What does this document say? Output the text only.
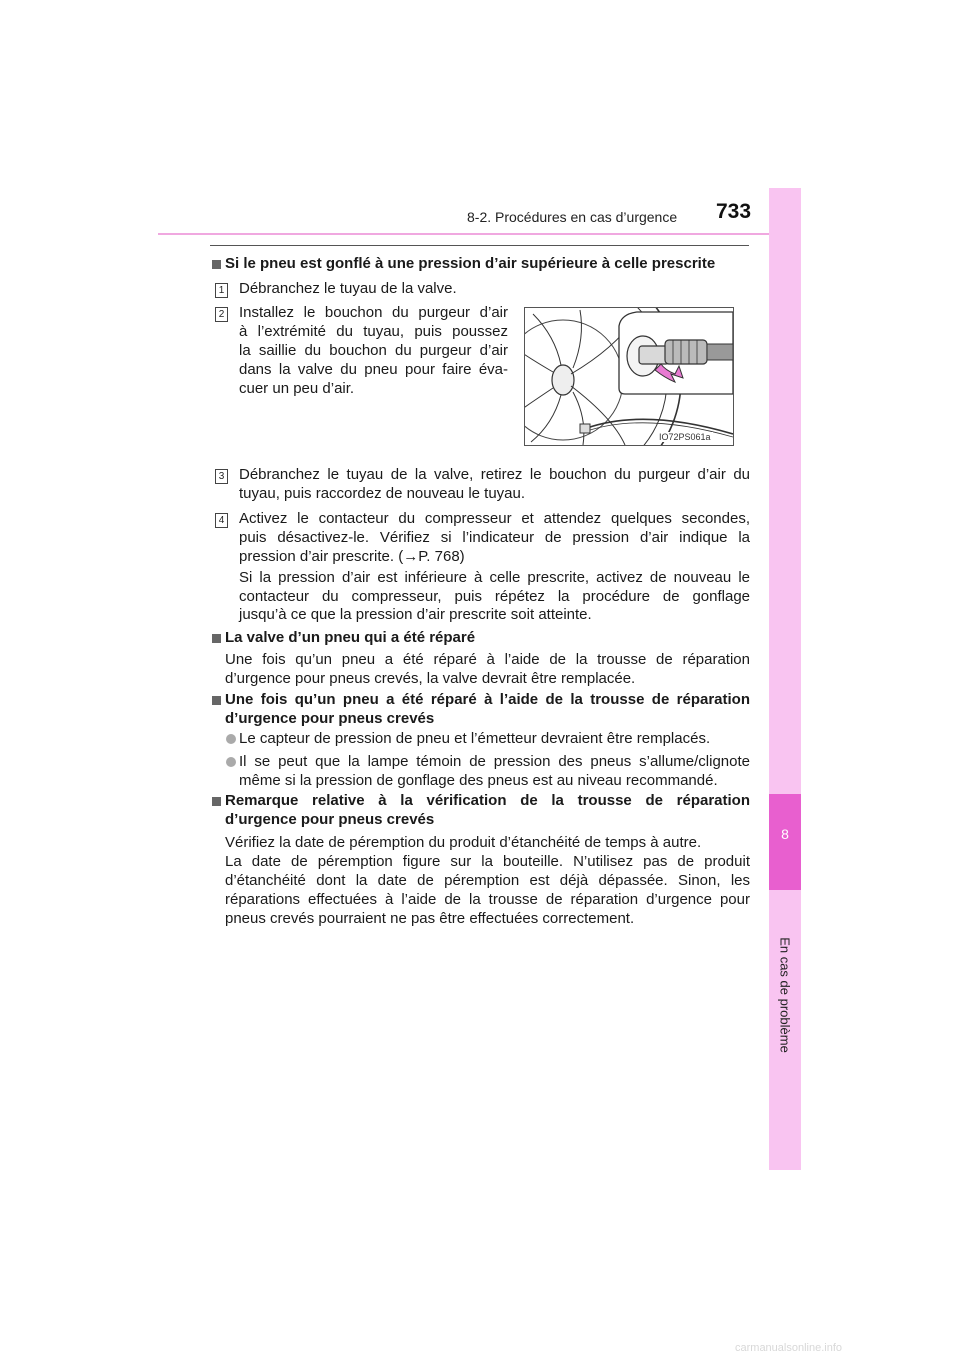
8-2. Procédures en cas d’urgence 733
8
En cas de problème
Si le pneu est gonflé à une pression d’air supérieure à celle prescrite
1 Débranchez le tuyau de la valve.
2 Installez le bouchon du purgeur d’air
à l’extrémité du tuyau, puis poussez
la saillie du bouchon du purgeur d’air
dans la valve du pneu pour faire éva-
cuer un peu d’air.
IO72PS061a
3 Débranchez le tuyau de la valve, retirez le bouchon du purgeur d’air du
tuyau, puis raccordez de nouveau le tuyau.
4 Activez le contacteur du compresseur et attendez quelques secondes,
puis désactivez-le. Vérifiez si l’indicateur de pression d’air indique la
pression d’air prescrite. (→P. 768)
Si la pression d’air est inférieure à celle prescrite, activez de nouveau le
contacteur du compresseur, puis répétez la procédure de gonflage
jusqu’à ce que la pression d’air prescrite soit atteinte.
La valve d’un pneu qui a été réparé
Une fois qu’un pneu a été réparé à l’aide de la trousse de réparation
d’urgence pour pneus crevés, la valve devrait être remplacée.
Une fois qu’un pneu a été réparé à l’aide de la trousse de réparation
d’urgence pour pneus crevés
Le capteur de pression de pneu et l’émetteur devraient être remplacés.
Il se peut que la lampe témoin de pression des pneus s’allume/clignote
même si la pression de gonflage des pneus est au niveau recommandé.
Remarque relative à la vérification de la trousse de réparation
d’urgence pour pneus crevés
Vérifiez la date de péremption du produit d’étanchéité de temps à autre.
La date de péremption figure sur la bouteille. N’utilisez pas de produit
d’étanchéité dont la date de péremption est déjà dépassée. Sinon, les
réparations effectuées à l’aide de la trousse de réparation d’urgence pour
pneus crevés pourraient ne pas être effectuées correctement.
carmanualsonline.info
